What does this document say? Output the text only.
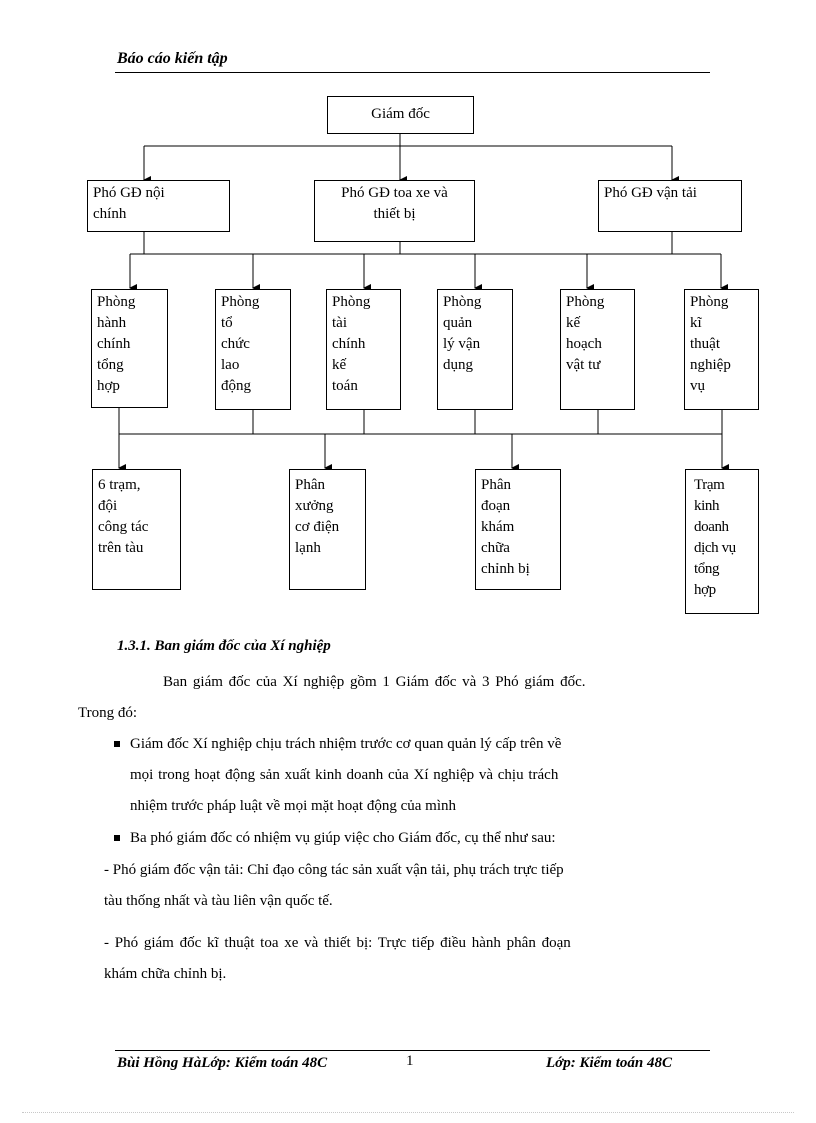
Báo cáo kiến tập
Giám đốc
Phó GĐ nội
chính
Phó GĐ toa xe và
thiết bị
Phó GĐ vận tải
Phòng
hành
chính
tổng
hợp
Phòng
tổ
chức
lao
động
Phòng
tài
chính
kế
toán
Phòng
quản
lý vận
dụng
Phòng
kế
hoạch
vật tư
Phòng
kĩ
thuật
nghiệp
vụ
6 trạm,
đội
công tác
trên tàu
Phân
xưởng
cơ điện
lạnh
Phân
đoạn
khám
chữa
chỉnh bị
Trạm
kinh
doanh
dịch vụ
tổng
hợp
1.3.1. Ban giám đốc của Xí nghiệp
Ban giám đốc của Xí nghiệp gồm 1 Giám đốc và 3 Phó giám đốc.
Trong đó:
Giám đốc Xí nghiệp chịu trách nhiệm trước cơ quan quản lý cấp trên về
mọi trong hoạt động sản xuất kinh doanh của Xí nghiệp và chịu trách
nhiệm trước pháp luật về mọi mặt hoạt động của mình
Ba phó giám đốc có nhiệm vụ giúp việc cho Giám đốc, cụ thể như sau:
- Phó giám đốc vận tải: Chỉ đạo công tác sản xuất vận tải, phụ trách trực tiếp
tàu thống nhất và tàu liên vận quốc tế.
- Phó giám đốc kĩ thuật toa xe và thiết bị: Trực tiếp điều hành phân đoạn
khám chữa chỉnh bị.
Bùi Hồng HàLớp: Kiểm toán 48C	1	Lớp: Kiểm toán 48C
